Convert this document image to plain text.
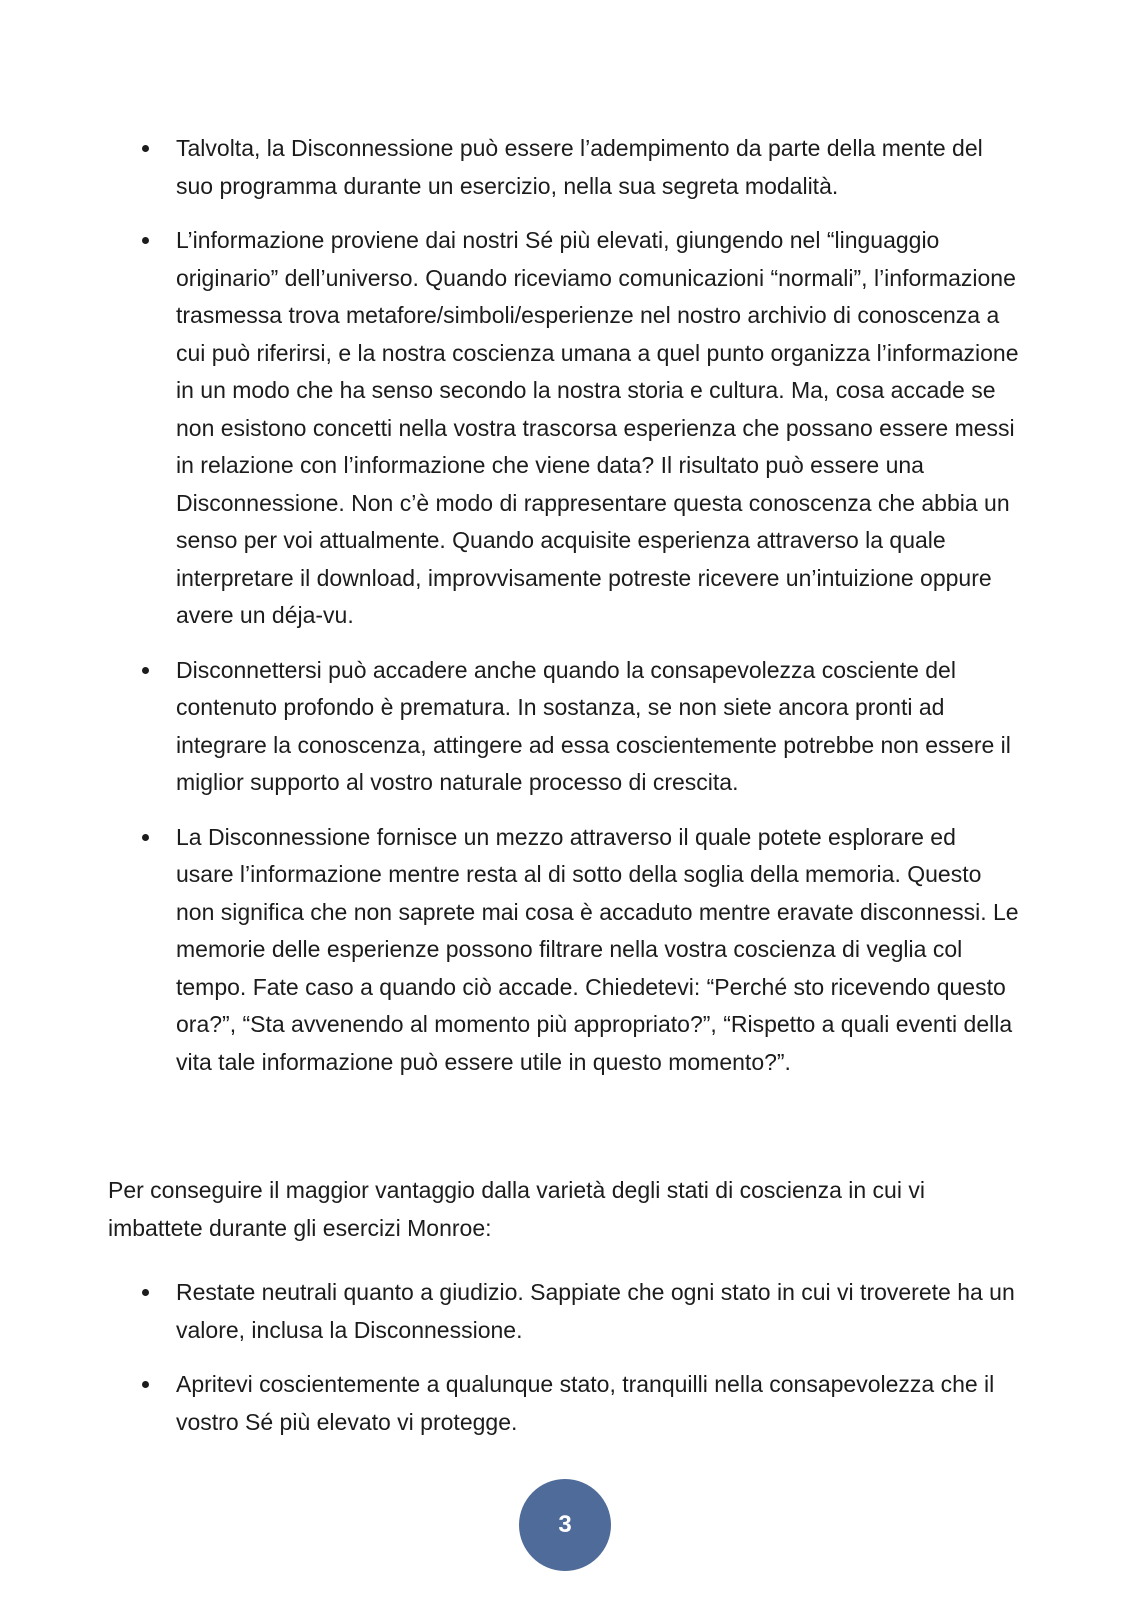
Talvolta, la Disconnessione può essere l’adempimento da parte della mente del suo programma durante un esercizio, nella sua segreta modalità.
L’informazione proviene dai nostri Sé più elevati, giungendo nel “linguaggio originario” dell’universo. Quando riceviamo comunicazioni “normali”, l’informazione trasmessa trova metafore/simboli/esperienze nel nostro archivio di conoscenza a cui può riferirsi, e la nostra coscienza umana a quel punto organizza l’informazione in un modo che ha senso secondo la nostra storia e cultura. Ma, cosa accade se non esistono concetti nella vostra trascorsa esperienza che possano essere messi in relazione con l’informazione che viene data? Il risultato può essere una Disconnessione. Non c’è modo di rappresentare questa conoscenza che abbia un senso per voi attualmente. Quando acquisite esperienza attraverso la quale interpretare il download, improvvisamente potreste ricevere un’intuizione oppure avere un déja-vu.
Disconnettersi può accadere anche quando la consapevolezza cosciente del contenuto profondo è prematura. In sostanza, se non siete ancora pronti ad integrare la conoscenza, attingere ad essa coscientemente potrebbe non essere il miglior supporto al vostro naturale processo di crescita.
La Disconnessione fornisce un mezzo attraverso il quale potete esplorare ed usare l’informazione mentre resta al di sotto della soglia della memoria. Questo non significa che non saprete mai cosa è accaduto mentre eravate disconnessi. Le memorie delle esperienze possono filtrare nella vostra coscienza di veglia col tempo. Fate caso a quando ciò accade. Chiedetevi: “Perché sto ricevendo questo ora?”, “Sta avvenendo al momento più appropriato?”, “Rispetto a quali eventi della vita tale informazione può essere utile in questo momento?”.

Per conseguire il maggior vantaggio dalla varietà degli stati di coscienza in cui vi imbattete durante gli esercizi Monroe:

Restate neutrali quanto a giudizio. Sappiate che ogni stato in cui vi troverete ha un valore, inclusa la Disconnessione.
Apritevi coscientemente a qualunque stato, tranquilli nella consapevolezza che il vostro Sé più elevato vi protegge.
3
